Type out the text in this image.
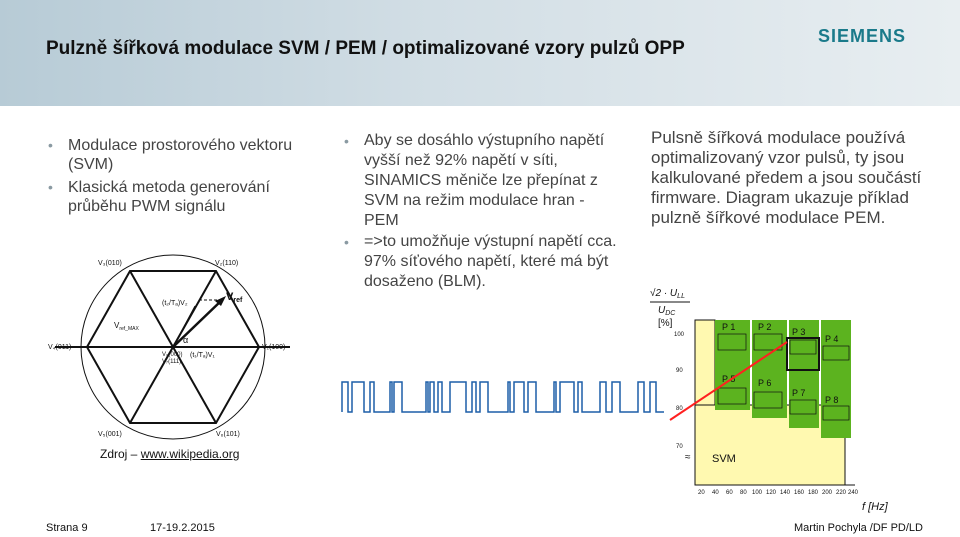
Pulzně šířková modulace SVM / PEM / optimalizované vzory pulzů OPP
SIEMENS
• Modulace prostorového vektoru (SVM)
• Klasická metoda generování průběhu PWM signálu
• Aby se dosáhlo výstupního napětí vyšší než 92% napětí v síti, SINAMICS měniče lze přepínat z SVM na režim modulace hran - PEM
• =>to umožňuje výstupní napětí cca. 97% síťového napětí, které má být dosaženo (BLM).
Pulsně šířková modulace používá optimalizovaný vzor pulsů, ty jsou kalkulované předem a jsou součástí firmware. Diagram ukazuje příklad pulzně šířkové modulace PEM.
V₃(010)	V₂(110)
V₄(011)	V₁(100)
V₅(001)	V₆(101)
V₀(000)
V₇(111)
(t₂/Tₐ)V₂
(t₁/Tₐ)V₁
α
Vref
$V_{ref\_MAX}$
Zdroj – www.wikipedia.org
$√2 \cdot U_{LL}$
$U_{DC}$
[%]
SVM
≈
100
90
80
70
P 1	P 2 P 3
P 4
P 5	P 6
P 7
P 8
20 40 60 80 100 120 140 160 180 200 220 240
f [Hz]
Strana 9	17-19.2.2015	Martin Pochyla /DF PD/LD
